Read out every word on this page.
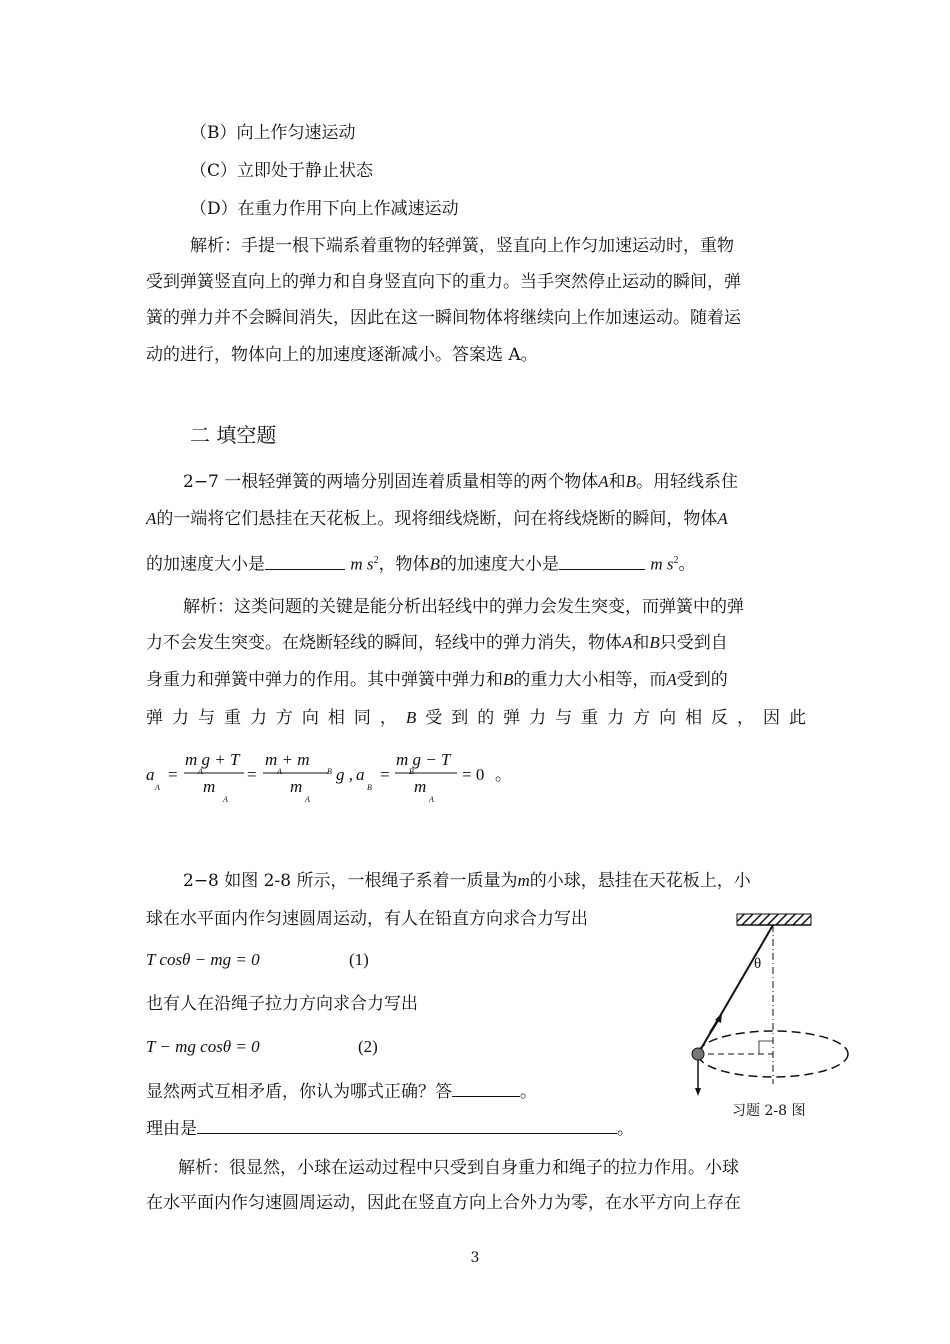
（B）向上作匀速运动
（C）立即处于静止状态
（D）在重力作用下向上作减速运动
解析：手提一根下端系着重物的轻弹簧，竖直向上作匀加速运动时，重物
受到弹簧竖直向上的弹力和自身竖直向下的重力。当手突然停止运动的瞬间，弹
簧的弹力并不会瞬间消失，因此在这一瞬间物体将继续向上作加速运动。随着运
动的进行，物体向上的加速度逐渐减小。答案选 A。
二 填空题
2−7 一根轻弹簧的两墙分别固连着质量相等的两个物体A和B。用轻线系住
A的一端将它们悬挂在天花板上。现将细线烧断，问在将线烧断的瞬间，物体A
的加速度大小是	m $s^2$，物体B的加速度大小是	m $s^2$。
解析：这类问题的关键是能分析出轻线中的弹力会发生突变，而弹簧中的弹
力不会发生突变。在烧断轻线的瞬间，轻线中的弹力消失，物体A和B只受到自
身重力和弹簧中弹力的作用。其中弹簧中弹力和B的重力大小相等，而A受到的
弹 力 与 重 力 方 向 相 同 ， B 受 到 的 弹 力 与 重 力 方 向 相 反 ， 因 此
a
A
=
m g + T
A
m
A
=
m + m
A	B
m
A
g , a
B
=
m g − T
B
m
A
= 0 。
2−8 如图 2-8 所示，一根绳子系着一质量为m的小球，悬挂在天花板上，小
球在水平面内作匀速圆周运动，有人在铅直方向求合力写出
T cosθ − mg = 0	(1)
也有人在沿绳子拉力方向求合力写出
T − mg cosθ = 0	(2)
显然两式互相矛盾，你认为哪式正确？答	。
理由是	。
θ
习题 2-8 图
解析：很显然，小球在运动过程中只受到自身重力和绳子的拉力作用。小球
在水平面内作匀速圆周运动，因此在竖直方向上合外力为零，在水平方向上存在
3
